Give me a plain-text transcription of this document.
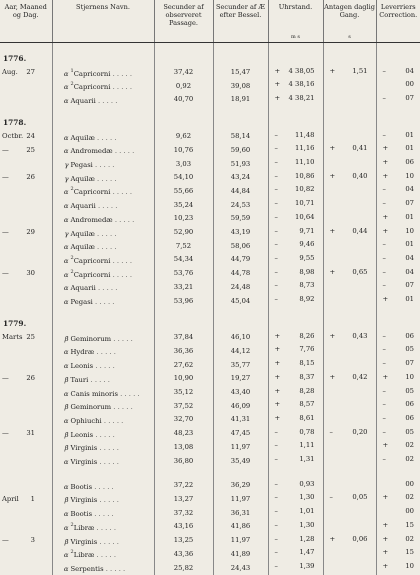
Aar, Maaned og Dag.	Stjernens Navn.	Secunder af observeret Passage.	Secunder af Æ efter Bessel.	Uhrstand.
m s	Antagen daglig Gang.
s	Leverriers Correction.

1776.						
Aug. 27	α $^1$Capricorni . . . . .	37,42	15,47	+ 4 38,05	+ 1,51	– 04

	α $^2$Capricorni . . . . .	0,92	39,08	+ 4 38,16		00

	α Aquarii . . . . .	40,70	18,91	+ 4 38,21		– 07

1778.						
Octbr. 24	α Aquilæ . . . . .	9,62	58,14	– 11,48		– 01

— 25	α Andromedæ . . . . .	10,76	59,60	– 11,16	+ 0,41	+ 01

	γ Pegasi . . . . .	3,03	51,93	– 11,10		+ 06

— 26	γ Aquilæ . . . . .	54,10	43,24	– 10,86	+ 0,40	+ 10

	α $^2$Capricorni . . . . .	55,66	44,84	– 10,82		– 04

	α Aquarii . . . . .	35,24	24,53	– 10,71		– 07

	α Andromedæ . . . . .	10,23	59,59	– 10,64		+ 01

— 29	γ Aquilæ . . . . .	52,90	43,19	– 9,71	+ 0,44	+ 10

	α Aquilæ . . . . .	7,52	58,06	– 9,46		– 01

	α $^2$Capricorni . . . . .	54,34	44,79	– 9,55		– 04

— 30	α $^2$Capricorni . . . . .	53,76	44,78	– 8,98	+ 0,65	– 04

	α Aquarii . . . . .	33,21	24,48	– 8,73		– 07

	α Pegasi . . . . .	53,96	45,04	– 8,92		+ 01

1779.						
Marts 25	β Geminorum . . . . .	37,84	46,10	+ 8,26	+ 0,43	– 06

	α Hydræ . . . . .	36,36	44,12	+ 7,76		– 05

	α Leonis . . . . .	27,62	35,77	+ 8,15		– 07

— 26	β Tauri . . . . .	10,90	19,27	+ 8,37	+ 0,42	+ 10

	α Canis minoris . . . . .	35,12	43,40	+ 8,28		– 05

	β Geminorum . . . . .	37,52	46,09	+ 8,57		– 06

	α Ophiuchi . . . . .	32,70	41,31	+ 8,61		– 06

— 31	β Leonis . . . . .	48,23	47,45	– 0,78	– 0,20	– 05

	β Virginis . . . . .	13,08	11,97	– 1,11		+ 02

	α Virginis . . . . .	36,80	35,49	– 1,31		– 02

	α Bootis . . . . .	37,22	36,29	– 0,93		00

April 1	β Virginis . . . . .	13,27	11,97	– 1,30	– 0,05	+ 02

	α Bootis . . . . .	37,32	36,31	– 1,01		00

	α $^2$Libræ . . . . .	43,16	41,86	– 1,30		+ 15

— 3	β Virginis . . . . .	13,25	11,97	– 1,28	+ 0,06	+ 02

	α $^2$Libræ . . . . .	43,36	41,89	– 1,47		+ 15

	α Serpentis . . . . .	25,82	24,43	– 1,39		+ 10
